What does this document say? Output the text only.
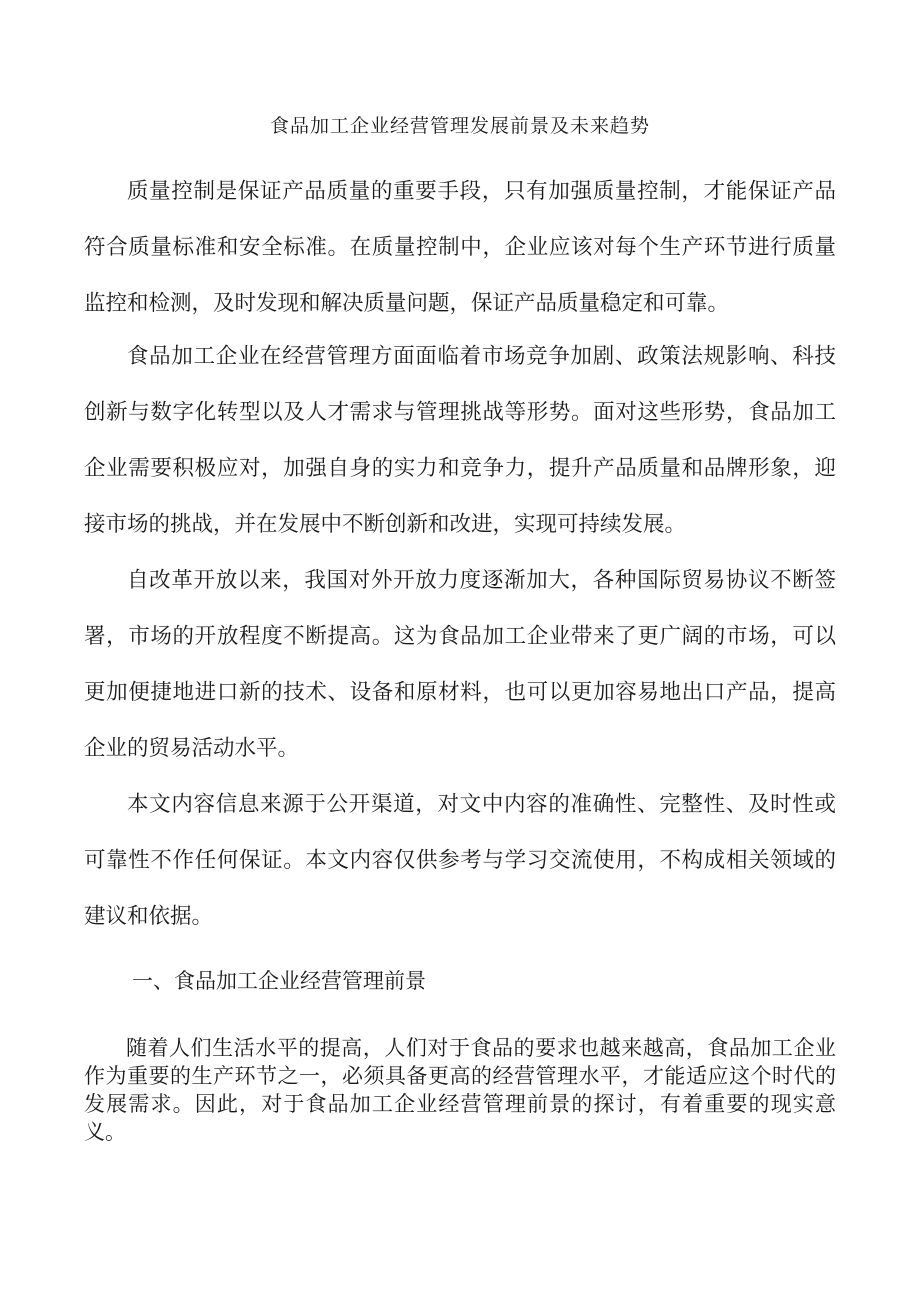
食品加工企业经营管理发展前景及未来趋势

质量控制是保证产品质量的重要手段，只有加强质量控制，才能保证产品符合质量标准和安全标准。在质量控制中，企业应该对每个生产环节进行质量监控和检测，及时发现和解决质量问题，保证产品质量稳定和可靠。

食品加工企业在经营管理方面面临着市场竞争加剧、政策法规影响、科技创新与数字化转型以及人才需求与管理挑战等形势。面对这些形势，食品加工企业需要积极应对，加强自身的实力和竞争力，提升产品质量和品牌形象，迎接市场的挑战，并在发展中不断创新和改进，实现可持续发展。

自改革开放以来，我国对外开放力度逐渐加大，各种国际贸易协议不断签署，市场的开放程度不断提高。这为食品加工企业带来了更广阔的市场，可以更加便捷地进口新的技术、设备和原材料，也可以更加容易地出口产品，提高企业的贸易活动水平。

本文内容信息来源于公开渠道，对文中内容的准确性、完整性、及时性或可靠性不作任何保证。本文内容仅供参考与学习交流使用，不构成相关领域的建议和依据。

一、食品加工企业经营管理前景

随着人们生活水平的提高，人们对于食品的要求也越来越高，食品加工企业作为重要的生产环节之一，必须具备更高的经营管理水平，才能适应这个时代的发展需求。因此，对于食品加工企业经营管理前景的探讨，有着重要的现实意义。
